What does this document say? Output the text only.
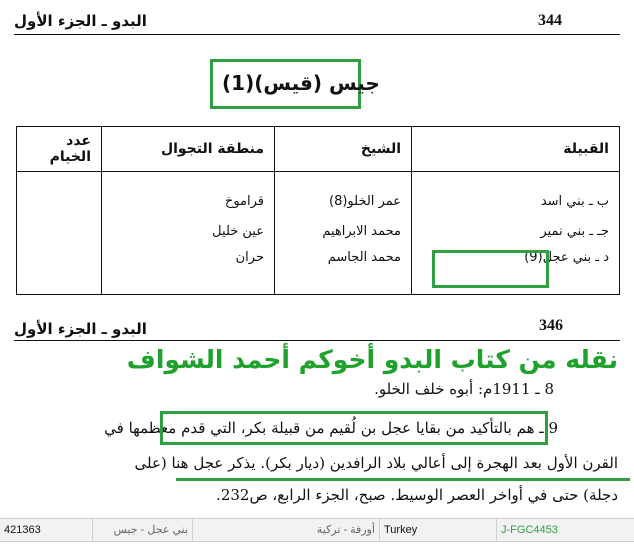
344
البدو ـ الجزء الأول
جيس (قيس)(1)
القبيلة	الشيخ	منطقة التجوال	عدد الخيام
ب ـ بني اسد	عمر الخلو(8)	قراموخ	
جـ ـ بني نمير	محمد الابراهيم	عين خليل	
د ـ بني عجل(9)	محمد الجاسم	حران	
346
البدو ـ الجزء الأول
نقله من كتاب البدو أخوكم أحمد الشواف
8 ـ 1911م: أبوه خلف الخلو.
9 ـ هم بالتأكيد من بقايا عجل بن لُقيم من قبيلة بكر، التي قدم معظمها في
القرن الأول بعد الهجرة إلى أعالي بلاد الرافدين (ديار بكر). يذكر عجل هنا (على
دجلة) حتى في أواخر العصر الوسيط. صبح، الجزء الرابع، ص232.
421363	بني عجل - جيس	أورفة - تركية Turkey	J-FGC4453
